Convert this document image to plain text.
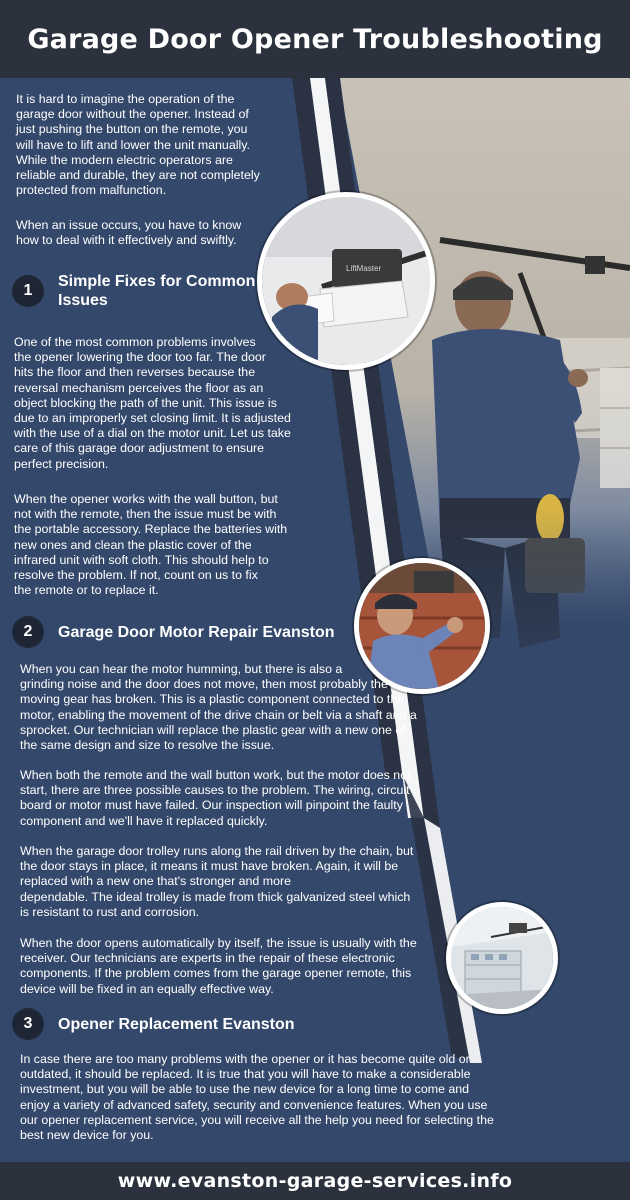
Garage Door Opener Troubleshooting
It is hard to imagine the operation of the
garage door without the opener. Instead of
just pushing the button on the remote, you
will have to lift and lower the unit manually.
While the modern electric operators are
reliable and durable, they are not completely
protected from malfunction.
When an issue occurs, you have to know
how to deal with it effectively and swiftly.
LiftMaster
1
Simple Fixes for Common
Issues
One of the most common problems involves
the opener lowering the door too far. The door
hits the floor and then reverses because the
reversal mechanism perceives the floor as an
object blocking the path of the unit. This issue is
due to an improperly set closing limit. It is adjusted
with the use of a dial on the motor unit. Let us take
care of this garage door adjustment to ensure
perfect precision.
When the opener works with the wall button, but
not with the remote, then the issue must be with
the portable accessory. Replace the batteries with
new ones and clean the plastic cover of the
infrared unit with soft cloth. This should help to
resolve the problem. If not, count on us to fix
the remote or to replace it.
2	Garage Door Motor Repair Evanston
When you can hear the motor humming, but there is also a
grinding noise and the door does not move, then most probably the
moving gear has broken. This is a plastic component connected to the
motor, enabling the movement of the drive chain or belt via a shaft and a
sprocket. Our technician will replace the plastic gear with a new one of
the same design and size to resolve the issue.
When both the remote and the wall button work, but the motor does not
start, there are three possible causes to the problem. The wiring, circuit
board or motor must have failed. Our inspection will pinpoint the faulty
component and we'll have it replaced quickly.
When the garage door trolley runs along the rail driven by the chain, but
the door stays in place, it means it must have broken. Again, it will be
replaced with a new one that's stronger and more
dependable. The ideal trolley is made from thick galvanized steel which
is resistant to rust and corrosion.
When the door opens automatically by itself, the issue is usually with the
receiver. Our technicians are experts in the repair of these electronic
components. If the problem comes from the garage opener remote, this
device will be fixed in an equally effective way.
3	Opener Replacement Evanston
In case there are too many problems with the opener or it has become quite old or
outdated, it should be replaced. It is true that you will have to make a considerable
investment, but you will be able to use the new device for a long time to come and
enjoy a variety of advanced safety, security and convenience features. When you use
our opener replacement service, you will receive all the help you need for selecting the
best new device for you.
www.evanston-garage-services.info
